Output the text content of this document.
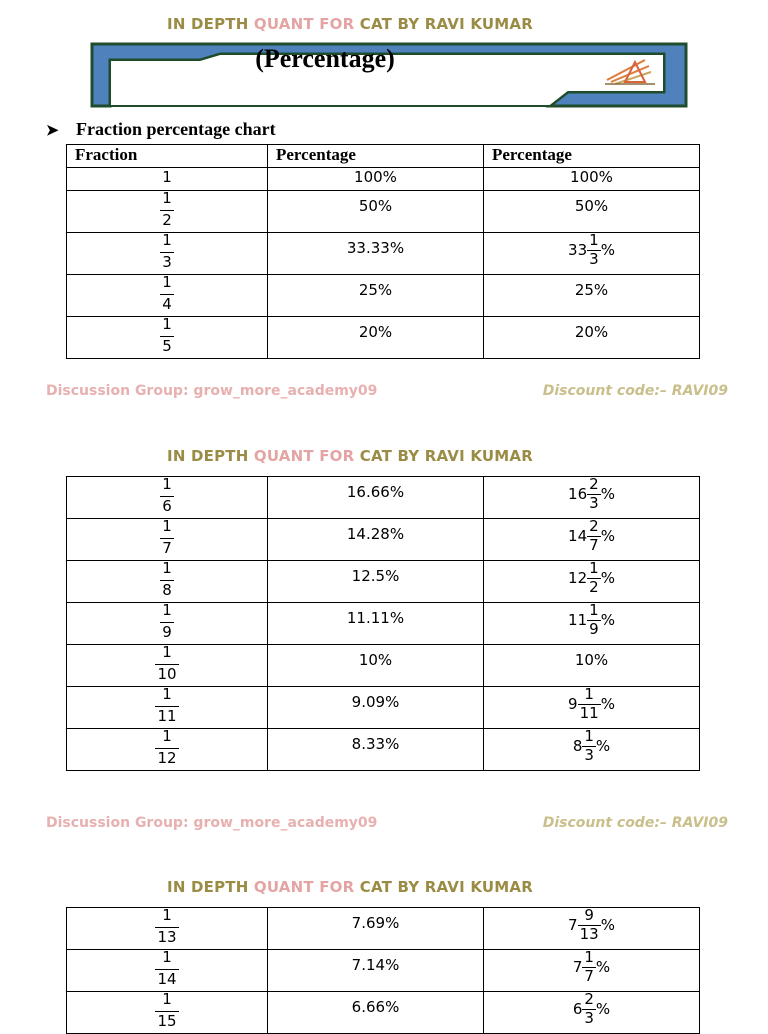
IN DEPTH QUANT FOR CAT BY RAVI KUMAR
(Percentage)
➤ Fraction percentage chart
Fraction	Percentage	Percentage
1	100%	100%

$\frac{1}{2}$	50%	50%

$\frac{1}{3}$	33.33%	$33 \frac{1}{3}$ %

$\frac{1}{4}$	25%	25%

$\frac{1}{5}$	20%	20%
Discussion Group: grow_more_academy09	Discount code:– RAVI09
IN DEPTH QUANT FOR CAT BY RAVI KUMAR
$\frac{1}{6}$	16.66%	$16 \frac{2}{3}$ %

$\frac{1}{7}$	14.28%	$14 \frac{2}{7}$ %

$\frac{1}{8}$	12.5%	$12 \frac{1}{2}$ %

$\frac{1}{9}$	11.11%	$11 \frac{1}{9}$ %

$\frac{1}{10}$	10%	10%

$\frac{1}{11}$	9.09%	$9 \frac{1}{11}$ %

$\frac{1}{12}$	8.33%	$8 \frac{1}{3}$ %
Discussion Group: grow_more_academy09	Discount code:– RAVI09
IN DEPTH QUANT FOR CAT BY RAVI KUMAR
$\frac{1}{13}$	7.69%	$7 \frac{9}{13}$ %

$\frac{1}{14}$	7.14%	$7 \frac{1}{7}$ %

$\frac{1}{15}$	6.66%	$6 \frac{2}{3}$ %
